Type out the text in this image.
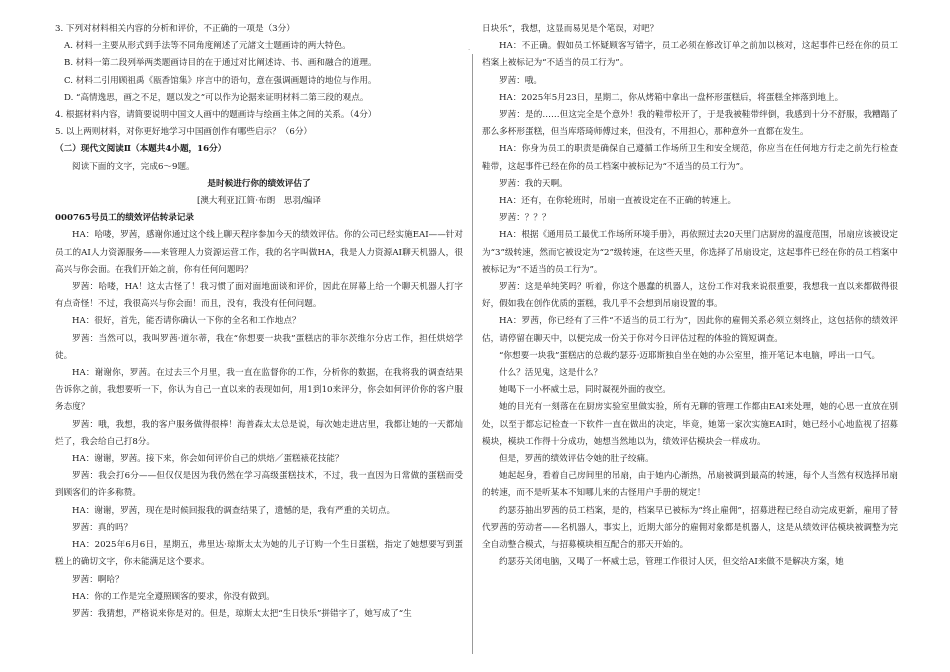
·

3. 下列对材料相关内容的分析和评价，不正确的一项是（3分）

A. 材料一主要从形式到手法等不同角度阐述了元諸文士题画诗的两大特色。

B. 材料一第二段列举两类题画诗目的在于通过对比阐述诗、书、画和融合的道理。

C. 材料二引用顾祖禹《瓯香馆集》序言中的语句，意在强调画题诗的地位与作用。

D. “高情逸思，画之不足，题以发之”可以作为论据来证明材料二第三段的观点。

4. 根据材料内容，请简要说明中国文人画中的题画诗与绘画主体之间的关系。（4分）

5. 以上两则材料，对你更好地学习中国画创作有哪些启示？（6分）

（二）现代文阅读Ⅱ（本题共4小题，16分）

阅读下面的文字，完成6～9题。

是时候进行你的绩效评估了

[澳大利亚]江简·布朗　思羽/编译

000765号员工的绩效评估转录记录

HA：哈喽，罗茜，感谢你通过这个线上聊天程序参加今天的绩效评估。你的公司已经实施EAI——针对员工的AI人力资源服务——来管理人力资源运营工作，我的名字叫做HA，我是人力资源AI聊天机器人，很高兴与你会面。在我们开始之前，你有任何问题吗？

罗茜：哈喽，HA！这太古怪了！我习惯了面对面地面谈和评价，因此在屏幕上给一个聊天机器人打字有点奇怪！不过，我很高兴与你会面！而且，没有，我没有任何问题。

HA：很好，首先，能否请你确认一下你的全名和工作地点？

罗茜：当然可以，我叫罗茜·道尔蒂，我在“你想要一块我”蛋糕店的菲尔茨维尔分店工作，担任烘焙学徒。

HA：谢谢你，罗茜。在过去三个月里，我一直在监督你的工作，分析你的数据，在我将我的调查结果告诉你之前，我想要听一下，你认为自己一直以来的表现如何，用1到10来评分，你会如何评价你的客户服务态度？

罗茜：哦，我想，我的客户服务做得很棒！海普森太太总是说，每次她走进店里，我都让她的一天都灿烂了，我会给自己打8分。

HA：谢谢，罗茜。接下来，你会如何评价自己的烘焙／蛋糕裱花技能？

罗茜：我会打6分——但仅仅是因为我仍然在学习高级蛋糕技术，不过，我一直因为日常做的蛋糕而受到顾客们的许多称赞。

HA：谢谢，罗茜，现在是时候回报我的调查结果了，遗憾的是，我有严重的关切点。

罗茜：真的吗？

HA：2025年6月6日，星期五，弗里达·琼斯太太为她的儿子订购一个生日蛋糕，指定了她想要写到蛋糕上的确切文字，你未能满足这个要求。

罗茜：啊哈？

HA：你的工作是完全遵照顾客的要求，你没有做到。

罗茜：我猜想，严格说来你是对的。但是，琼斯太太把“生日快乐”拼错字了，她写成了“生

日块乐”，我想，这显而易见是个笔误，对吧？

HA：不正确。假如员工怀疑顾客写错字，员工必须在修改订单之前加以核对，这起事件已经在你的员工档案上被标记为“不适当的员工行为”。

罗茜：哦。

HA：2025年5月23日，星期二，你从烤箱中拿出一盘杯形蛋糕后，将蛋糕全摔落到地上。

罗茜：是的……但这完全是个意外！我的鞋带松开了，于是我被鞋带绊倒，我感到十分不舒服，我糟蹋了那么多杯形蛋糕，但当库塔琦师傅过来，但没有，不用担心，那种意外一直都在发生。

HA：你身为员工的职责是确保自己遵循工作场所卫生和安全规范，你应当在任何地方行走之前先行检查鞋带，这起事件已经在你的员工档案中被标记为“不适当的员工行为”。

罗茜：我的天啊。

HA：还有，在你轮班时，吊扇一直被设定在不正确的转速上。

罗茜：？？？

HA：根据《通用员工最优工作场所环境手册》，再依照过去20天里门店厨房的温度范围，吊扇应该被设定为“3”级转速，然而它被设定为“2”级转速，在这些天里，你选择了吊扇设定，这起事件已经在你的员工档案中被标记为“不适当的员工行为”。

罗茜：这是单纯笑吗？听着，你这个愚蠢的机器人，这份工作对我来说很重要，我想我一直以来都做得很好，假如我在创作优质的蛋糕，我几乎不会想到吊扇设置的事。

HA：罗茜，你已经有了三件“不适当的员工行为”，因此你的雇佣关系必须立刻终止，这包括你的绩效评估，请停留在聊天中，以便完成一份关于你对今日评估过程的体验的简短调查。

“你想要一块我”蛋糕店的总裁约瑟芬·迈耶斯独自坐在她的办公室里，推开笔记本电脑，呼出一口气。

什么？活见鬼，这是什么？

她喝下一小杯威士忌，同时凝视外面的夜空。

她的目光有一刻落在在厨房实验室里做实验，所有无聊的管理工作都由EAI来处理，她的心思一直放在别处，以至于都忘记检查一下软件一直在做出的决定，毕竟，她第一家次实施EAI时，她已经小心地监视了招募模块，模块工作得十分成功，她想当然地以为，绩效评估模块会一样成功。

但是，罗茜的绩效评估令她的肚子绞痛。

她起起身，看着自己房间里的吊扇，由于她内心渐热，吊扇被调到最高的转速，每个人当然有权选择吊扇的转速，而不是听某本不知哪儿来的古怪用户手册的规定！

约瑟芬抽出罗茜的员工档案，是的，档案早已被标为“终止雇佣”，招募进程已经自动完成更新，雇用了替代罗茜的劳动者——名机器人，事实上，近期大部分的雇佣对象都是机器人，这是从绩效评估模块被调整为完全自动整合模式，与招募模块相互配合的那天开始的。

约瑟芬关闭电脑，又喝了一杯威士忌，管理工作很讨人厌，但交给AI来做不是解决方案，她
